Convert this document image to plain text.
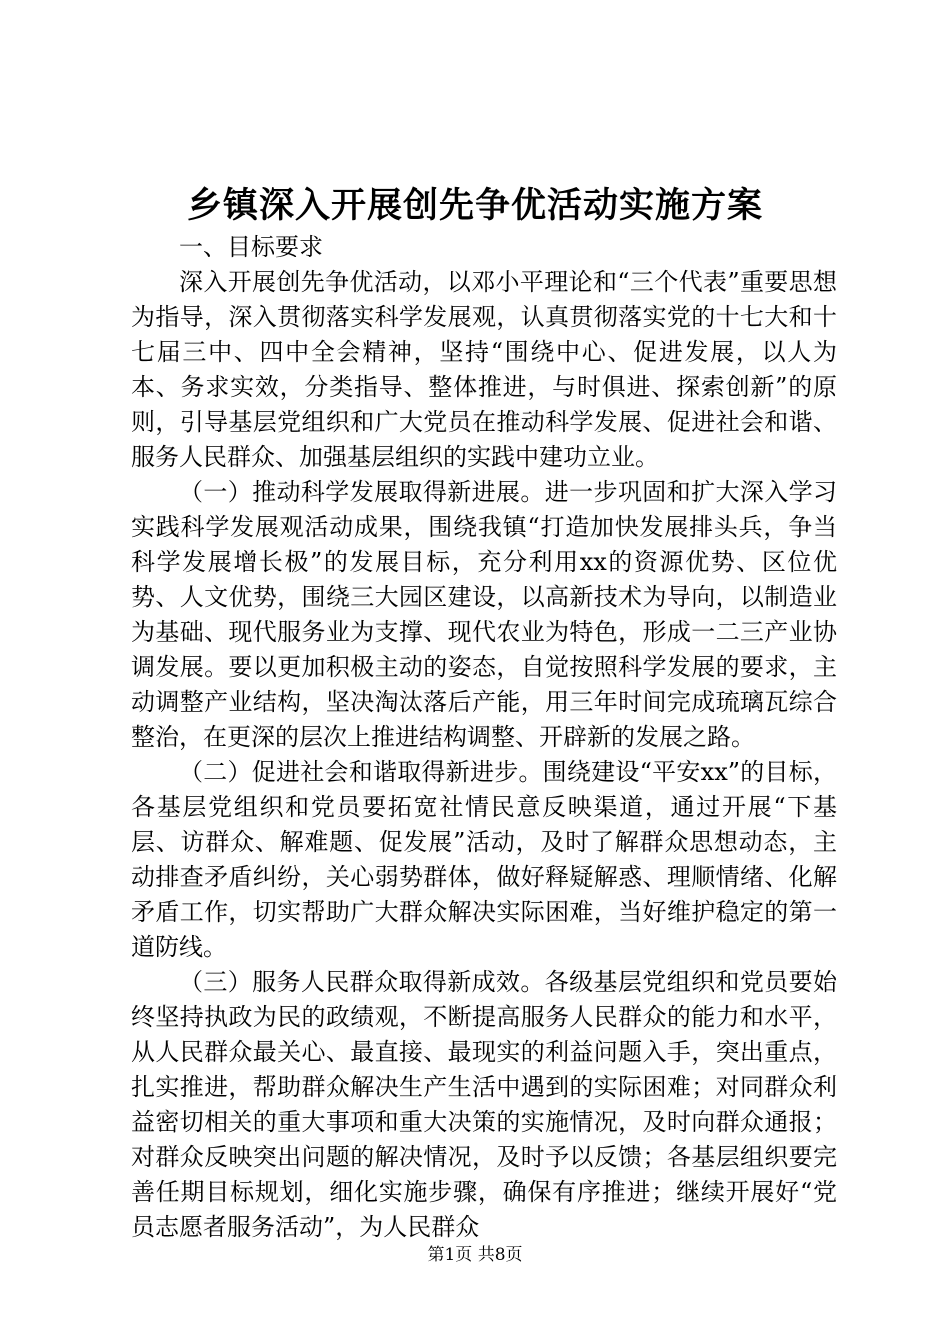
乡镇深入开展创先争优活动实施方案

一、目标要求

深入开展创先争优活动，以邓小平理论和“三个代表”重要思想为指导，深入贯彻落实科学发展观，认真贯彻落实党的十七大和十七届三中、四中全会精神，坚持“围绕中心、促进发展，以人为本、务求实效，分类指导、整体推进，与时俱进、探索创新”的原则，引导基层党组织和广大党员在推动科学发展、促进社会和谐、服务人民群众、加强基层组织的实践中建功立业。

（一）推动科学发展取得新进展。进一步巩固和扩大深入学习实践科学发展观活动成果，围绕我镇“打造加快发展排头兵，争当科学发展增长极”的发展目标，充分利用xx的资源优势、区位优势、人文优势，围绕三大园区建设，以高新技术为导向，以制造业为基础、现代服务业为支撑、现代农业为特色，形成一二三产业协调发展。要以更加积极主动的姿态，自觉按照科学发展的要求，主动调整产业结构，坚决淘汰落后产能，用三年时间完成琉璃瓦综合整治，在更深的层次上推进结构调整、开辟新的发展之路。

（二）促进社会和谐取得新进步。围绕建设“平安xx”的目标，各基层党组织和党员要拓宽社情民意反映渠道，通过开展“下基层、访群众、解难题、促发展”活动，及时了解群众思想动态，主动排查矛盾纠纷，关心弱势群体，做好释疑解惑、理顺情绪、化解矛盾工作，切实帮助广大群众解决实际困难，当好维护稳定的第一道防线。

（三）服务人民群众取得新成效。各级基层党组织和党员要始终坚持执政为民的政绩观，不断提高服务人民群众的能力和水平，从人民群众最关心、最直接、最现实的利益问题入手，突出重点，扎实推进，帮助群众解决生产生活中遇到的实际困难；对同群众利益密切相关的重大事项和重大决策的实施情况，及时向群众通报；对群众反映突出问题的解决情况，及时予以反馈；各基层组织要完善任期目标规划，细化实施步骤，确保有序推进；继续开展好“党员志愿者服务活动”，为人民群众

第1页 共8页
